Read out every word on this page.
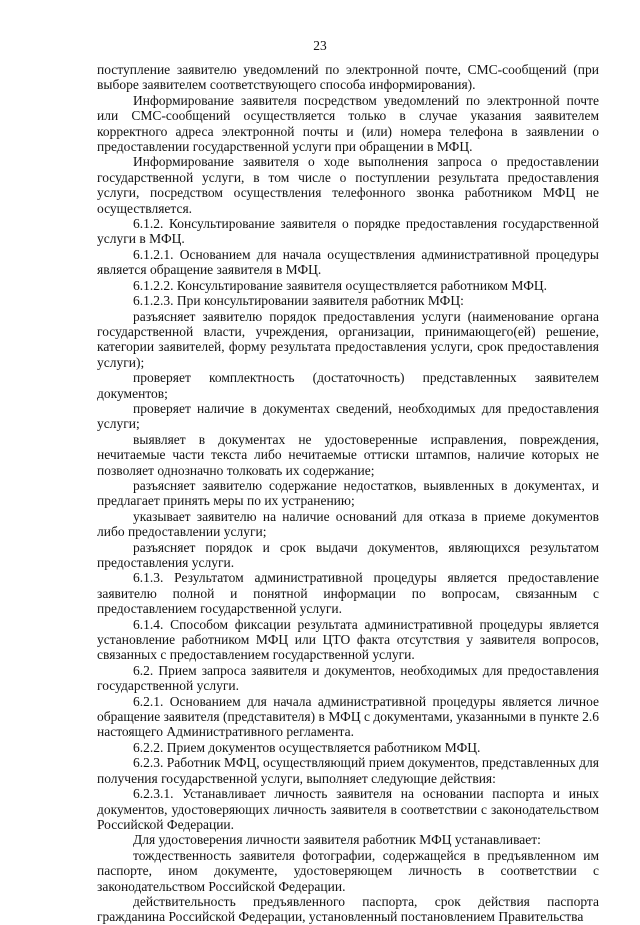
23

поступление заявителю уведомлений по электронной почте, СМС-сообщений (при выборе заявителем соответствующего способа информирования).

Информирование заявителя посредством уведомлений по электронной почте или СМС-сообщений осуществляется только в случае указания заявителем корректного адреса электронной почты и (или) номера телефона в заявлении о предоставлении государственной услуги при обращении в МФЦ.

Информирование заявителя о ходе выполнения запроса о предоставлении государственной услуги, в том числе о поступлении результата предоставления услуги, посредством осуществления телефонного звонка работником МФЦ не осуществляется.

6.1.2. Консультирование заявителя о порядке предоставления государственной услуги в МФЦ.

6.1.2.1. Основанием для начала осуществления административной процедуры является обращение заявителя в МФЦ.

6.1.2.2. Консультирование заявителя осуществляется работником МФЦ.

6.1.2.3. При консультировании заявителя работник МФЦ:

разъясняет заявителю порядок предоставления услуги (наименование органа государственной власти, учреждения, организации, принимающего(ей) решение, категории заявителей, форму результата предоставления услуги, срок предоставления услуги);

проверяет комплектность (достаточность) представленных заявителем документов;

проверяет наличие в документах сведений, необходимых для предоставления услуги;

выявляет в документах не удостоверенные исправления, повреждения, нечитаемые части текста либо нечитаемые оттиски штампов, наличие которых не позволяет однозначно толковать их содержание;

разъясняет заявителю содержание недостатков, выявленных в документах, и предлагает принять меры по их устранению;

указывает заявителю на наличие оснований для отказа в приеме документов либо предоставлении услуги;

разъясняет порядок и срок выдачи документов, являющихся результатом предоставления услуги.

6.1.3. Результатом административной процедуры является предоставление заявителю полной и понятной информации по вопросам, связанным с предоставлением государственной услуги.

6.1.4. Способом фиксации результата административной процедуры является установление работником МФЦ или ЦТО факта отсутствия у заявителя вопросов, связанных с предоставлением государственной услуги.

6.2. Прием запроса заявителя и документов, необходимых для предоставления государственной услуги.

6.2.1. Основанием для начала административной процедуры является личное обращение заявителя (представителя) в МФЦ с документами, указанными в пункте 2.6 настоящего Административного регламента.

6.2.2. Прием документов осуществляется работником МФЦ.

6.2.3. Работник МФЦ, осуществляющий прием документов, представленных для получения государственной услуги, выполняет следующие действия:

6.2.3.1. Устанавливает личность заявителя на основании паспорта и иных документов, удостоверяющих личность заявителя в соответствии с законодательством Российской Федерации.

Для удостоверения личности заявителя работник МФЦ устанавливает:

тождественность заявителя фотографии, содержащейся в предъявленном им паспорте, ином документе, удостоверяющем личность в соответствии с законодательством Российской Федерации.

действительность предъявленного паспорта, срок действия паспорта гражданина Российской Федерации, установленный постановлением Правительства
